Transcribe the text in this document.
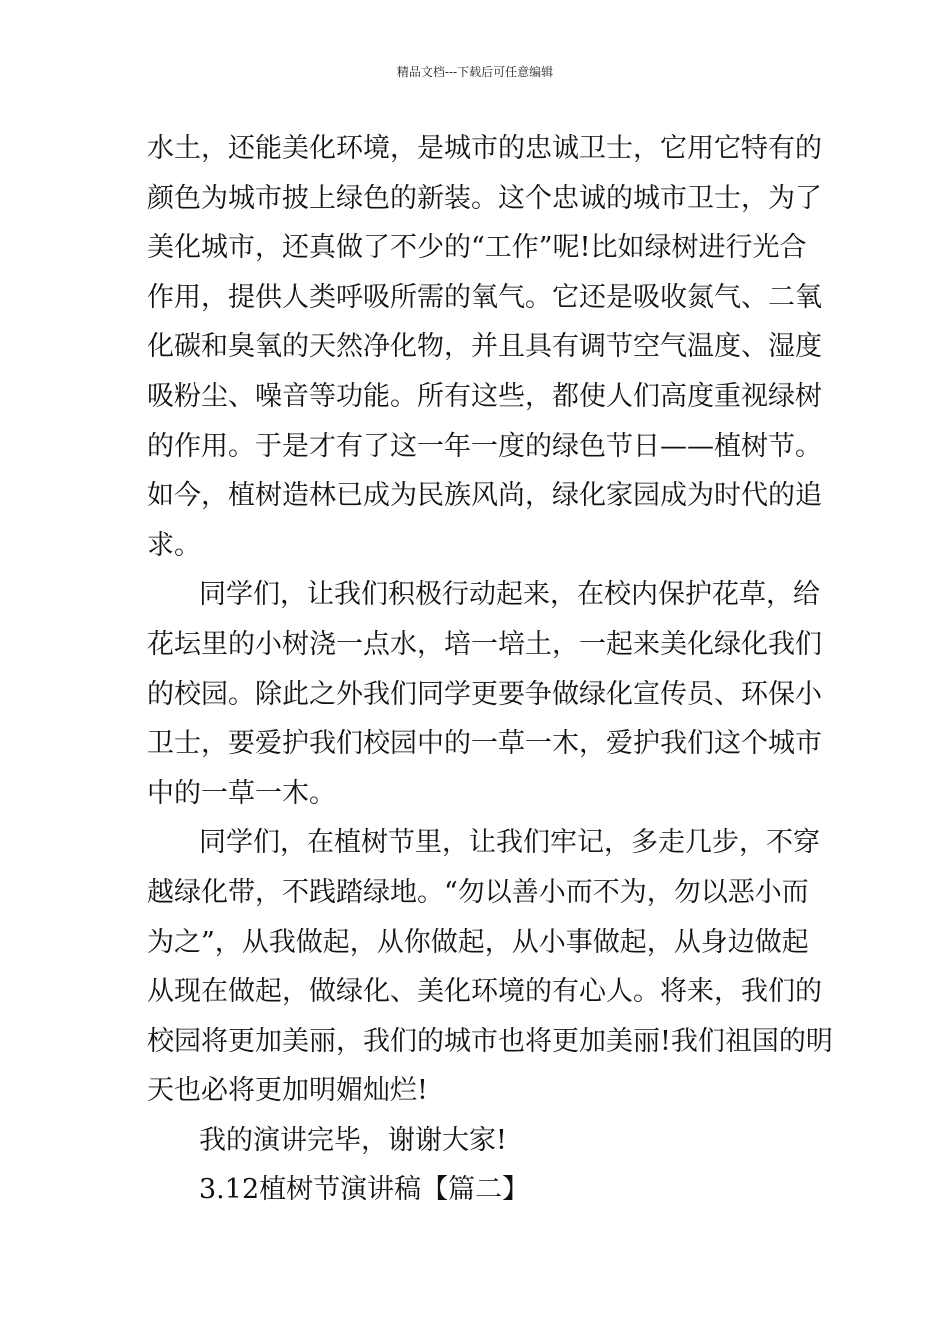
精品文档---下载后可任意编辑
水土，还能美化环境，是城市的忠诚卫士，它用它特有的
颜色为城市披上绿色的新装。这个忠诚的城市卫士，为了
美化城市，还真做了不少的“工作”呢!比如绿树进行光合
作用，提供人类呼吸所需的氧气。它还是吸收氮气、二氧
化碳和臭氧的天然净化物，并且具有调节空气温度、湿度
吸粉尘、噪音等功能。所有这些，都使人们高度重视绿树
的作用。于是才有了这一年一度的绿色节日——植树节。
如今，植树造林已成为民族风尚，绿化家园成为时代的追
求。
同学们，让我们积极行动起来，在校内保护花草，给
花坛里的小树浇一点水，培一培土，一起来美化绿化我们
的校园。除此之外我们同学更要争做绿化宣传员、环保小
卫士，要爱护我们校园中的一草一木，爱护我们这个城市
中的一草一木。
同学们，在植树节里，让我们牢记，多走几步，不穿
越绿化带，不践踏绿地。“勿以善小而不为，勿以恶小而
为之”，从我做起，从你做起，从小事做起，从身边做起
从现在做起，做绿化、美化环境的有心人。将来，我们的
校园将更加美丽，我们的城市也将更加美丽!我们祖国的明
天也必将更加明媚灿烂!
我的演讲完毕，谢谢大家!
3.12植树节演讲稿【篇二】
